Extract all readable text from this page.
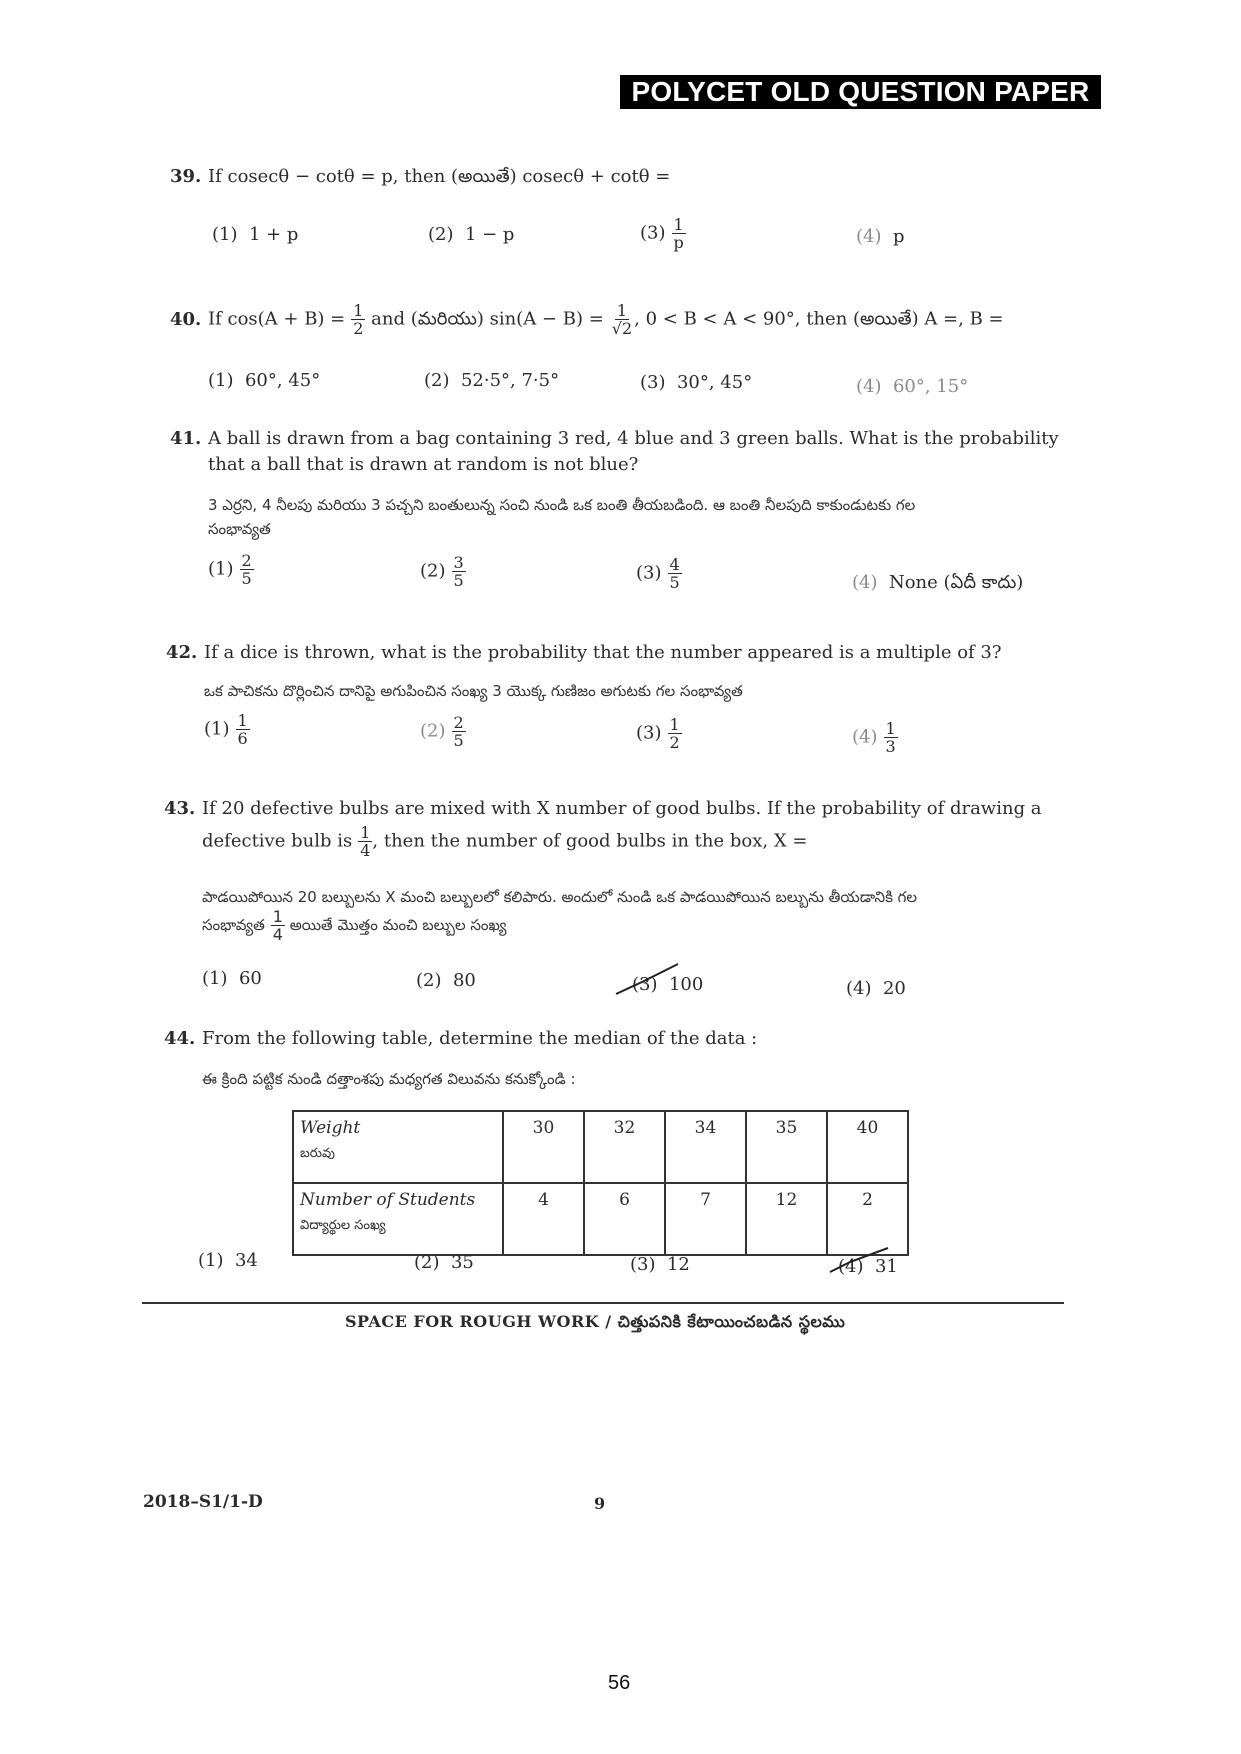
POLYCET OLD QUESTION PAPER
39. If cosecθ − cotθ = p, then (అయితే) cosecθ + cotθ =
(1) 1 + p	(2) 1 − p	$(3) \frac{1}{p}$	(4) p
40. If $\cos(A + B) = \frac{1}{2}$ and (మరియు) $\sin(A - B) = \frac{1}{√2}$ , 0 < B < A < 90°, then (అయితే) A =, B =
(1) 60°, 45°	(2) 52·5°, 7·5°	(3) 30°, 45°	(4) 60°, 15°
41. A ball is drawn from a bag containing 3 red, 4 blue and 3 green balls. What is the probability
that a ball that is drawn at random is not blue?
3 ఎర్రని, 4 నీలపు మరియు 3 పచ్చని బంతులున్న సంచి నుండి ఒక బంతి తీయబడింది. ఆ బంతి నీలపుది కాకుండుటకు గల
సంభావ్యత
$(1) \frac{2}{5}$	$(2) \frac{3}{5}$	$(3) \frac{4}{5}$	(4) None (ఏదీ కాదు)
42. If a dice is thrown, what is the probability that the number appeared is a multiple of 3?
ఒక పాచికను దొర్లించిన దానిపై అగుపించిన సంఖ్య 3 యొక్క గుణిజం అగుటకు గల సంభావ్యత
$(1) \frac{1}{6}$	$(2) \frac{2}{5}$	$(3) \frac{1}{2}$	$(4) \frac{1}{3}$
43. If 20 defective bulbs are mixed with X number of good bulbs. If the probability of drawing a
defective bulb is $\frac{1}{4}$ , then the number of good bulbs in the box, X =
పాడయిపోయిన 20 బల్బులను X మంచి బల్బులలో కలిపారు. అందులో నుండి ఒక పాడయిపోయిన బల్బును తీయడానికి గల
సంభావ్యత $\frac{1}{4}$ అయితే మొత్తం మంచి బల్బుల సంఖ్య
(1) 60	(2) 80	(3) 100	(4) 20
44. From the following table, determine the median of the data :
ఈ క్రింది పట్టిక నుండి దత్తాంశపు మధ్యగత విలువను కనుక్కోండి :
Weight
బరువు	30	32	34	35	40
Number of Students
విద్యార్థుల సంఖ్య	4	6	7	12	2
(1) 34	(2) 35	(3) 12	(4) 31
SPACE FOR ROUGH WORK / చిత్తుపనికి కేటాయించబడిన స్థలము
2018–S1/1-D	9
56
